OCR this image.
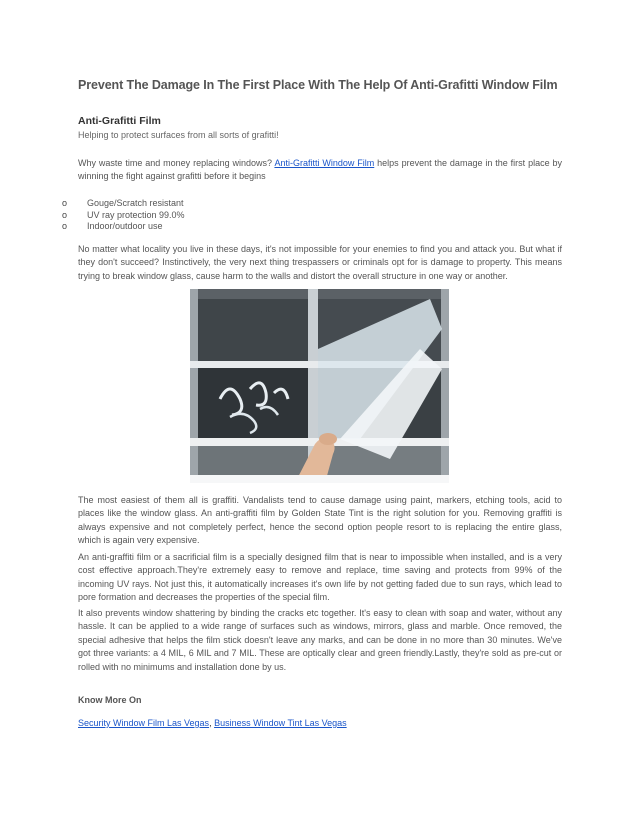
Prevent The Damage In The First Place With The Help Of Anti-Grafitti Window Film
Anti-Grafitti Film
Helping to protect surfaces from all sorts of grafitti!

Why waste time and money replacing windows? Anti-Grafitti Window Film helps prevent the damage in the first place by winning the fight against grafitti before it begins

o	Gouge/Scratch resistant
o	UV ray protection 99.0%
o	Indoor/outdoor use

No matter what locality you live in these days, it's not impossible for your enemies to find you and attack you. But what if they don't succeed? Instinctively, the very next thing trespassers or criminals opt for is damage to property. This means trying to break window glass, cause harm to the walls and distort the overall structure in one way or another.

The most easiest of them all is graffiti. Vandalists tend to cause damage using paint, markers, etching tools, acid to places like the window glass. An anti-graffiti film by Golden State Tint is the right solution for you. Removing graffiti is always expensive and not completely perfect, hence the second option people resort to is replacing the entire glass, which is again very expensive.

An anti-graffiti film or a sacrificial film is a specially designed film that is near to impossible when installed, and is a very cost effective approach.They're extremely easy to remove and replace, time saving and protects from 99% of the incoming UV rays. Not just this, it automatically increases it's own life by not getting faded due to sun rays, which lead to pore formation and decreases the properties of the special film.

It also prevents window shattering by binding the cracks etc together. It's easy to clean with soap and water, without any hassle. It can be applied to a wide range of surfaces such as windows, mirrors, glass and marble. Once removed, the special adhesive that helps the film stick doesn't leave any marks, and can be done in no more than 30 minutes. We've got three variants: a 4 MIL, 6 MIL and 7 MIL. These are optically clear and green friendly.Lastly, they're sold as pre-cut or rolled with no minimums and installation done by us.

Know More On
Security Window Film Las Vegas, Business Window Tint Las Vegas
